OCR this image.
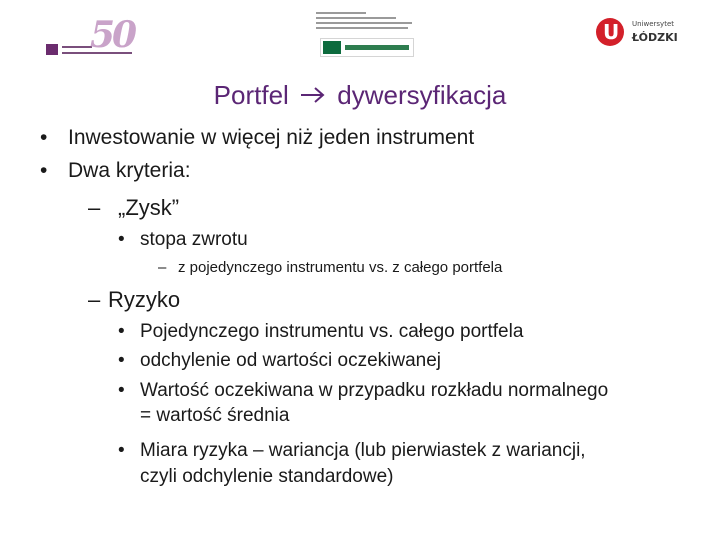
50	U Uniwersytet
ŁÓDZKI
Portfel dywersyfikacja
• Inwestowanie w więcej niż jeden instrument
• Dwa kryteria:
– „Zysk”
• stopa zwrotu
– z pojedynczego instrumentu vs. z całego portfela
– Ryzyko
• Pojedynczego instrumentu vs. całego portfela
• odchylenie od wartości oczekiwanej
• Wartość oczekiwana w przypadku rozkładu normalnego
= wartość średnia
• Miara ryzyka – wariancja (lub pierwiastek z wariancji,
czyli odchylenie standardowe)
